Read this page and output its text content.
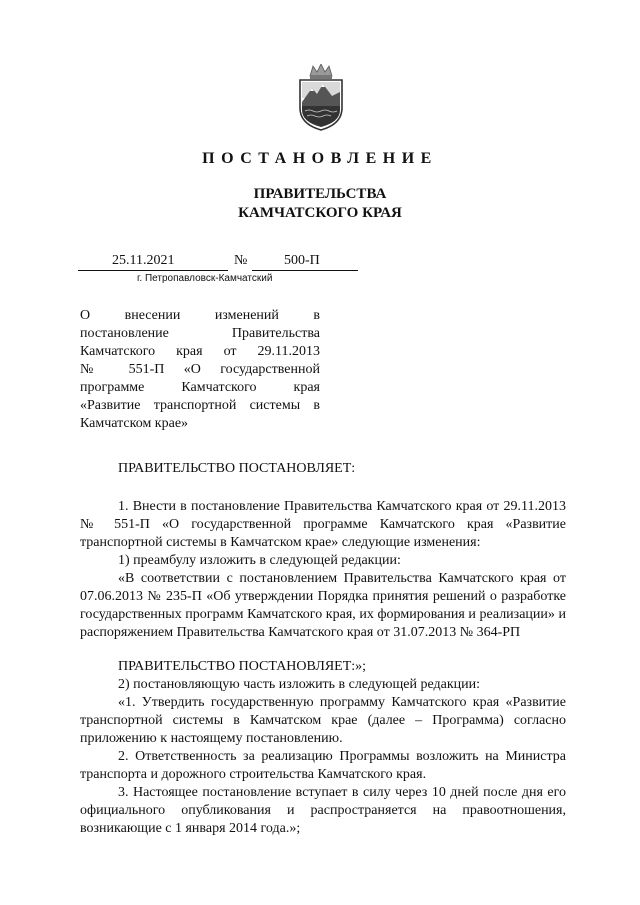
ПОСТАНОВЛЕНИЕ
ПРАВИТЕЛЬСТВА
КАМЧАТСКОГО КРАЯ
25.11.2021	№	500-П
г. Петропавловск-Камчатский
О внесении изменений в
постановление Правительства
Камчатского края от 29.11.2013
№ 551-П «О государственной
программе Камчатского края
«Развитие транспортной системы в
Камчатском крае»

ПРАВИТЕЛЬСТВО ПОСТАНОВЛЯЕТ:

1. Внести в постановление Правительства Камчатского края от 29.11.2013 № 551-П «О государственной программе Камчатского края «Развитие транспортной системы в Камчатском крае» следующие изменения:

1) преамбулу изложить в следующей редакции:

«В соответствии с постановлением Правительства Камчатского края от 07.06.2013 № 235-П «Об утверждении Порядка принятия решений о разработке государственных программ Камчатского края, их формирования и реализации» и распоряжением Правительства Камчатского края от 31.07.2013 № 364-РП

ПРАВИТЕЛЬСТВО ПОСТАНОВЛЯЕТ:»;

2) постановляющую часть изложить в следующей редакции:

«1. Утвердить государственную программу Камчатского края «Развитие транспортной системы в Камчатском крае (далее – Программа) согласно приложению к настоящему постановлению.

2. Ответственность за реализацию Программы возложить на Министра транспорта и дорожного строительства Камчатского края.

3. Настоящее постановление вступает в силу через 10 дней после дня его официального опубликования и распространяется на правоотношения, возникающие с 1 января 2014 года.»;
